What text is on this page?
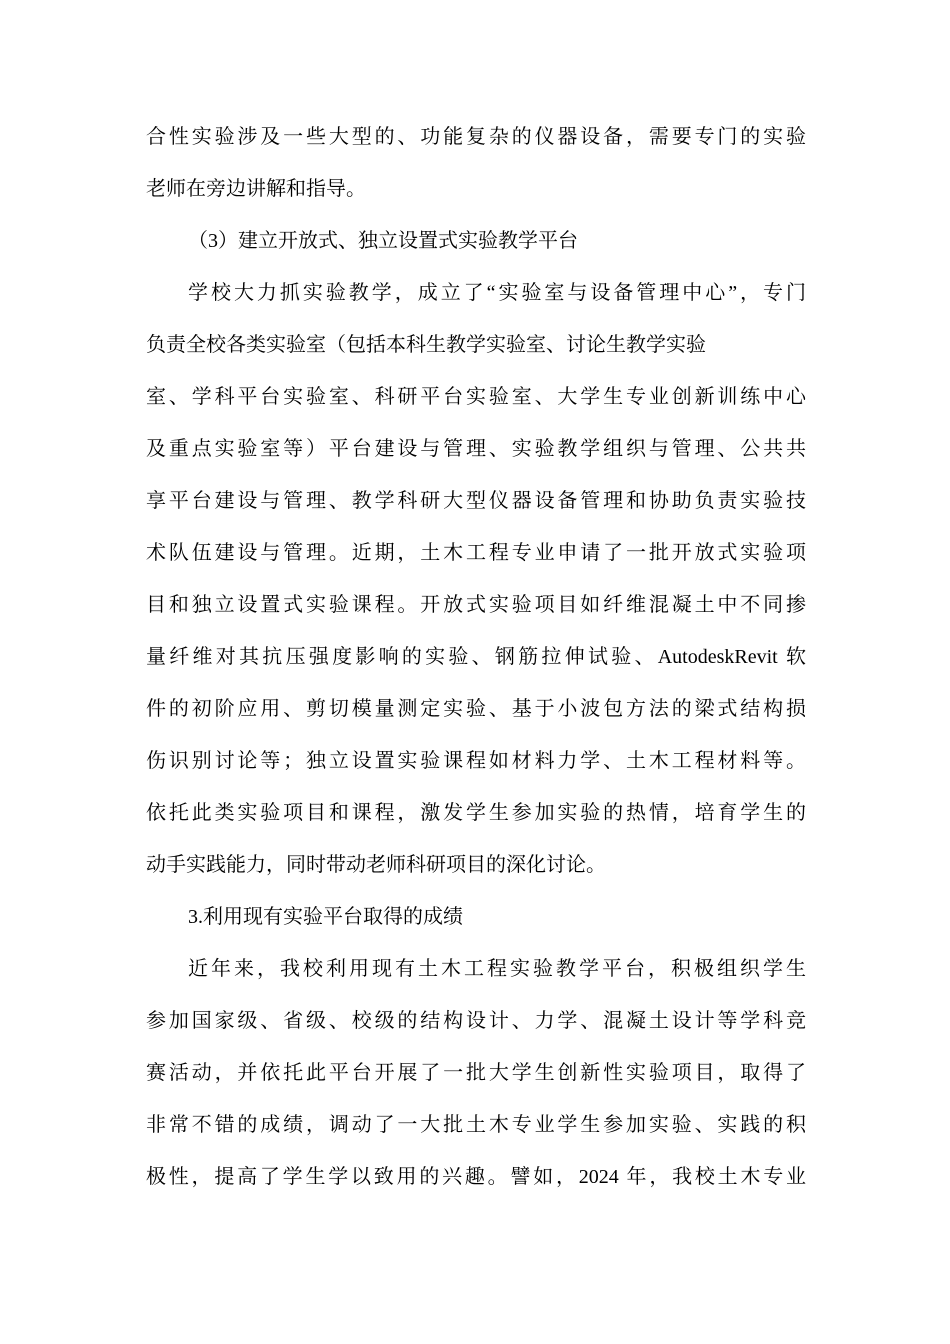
合性实验涉及一些大型的、功能复杂的仪器设备，需要专门的实验
老师在旁边讲解和指导。
（3）建立开放式、独立设置式实验教学平台
学校大力抓实验教学，成立了“实验室与设备管理中心”，专门
负责全校各类实验室（包括本科生教学实验室、讨论生教学实验
室、学科平台实验室、科研平台实验室、大学生专业创新训练中心
及重点实验室等）平台建设与管理、实验教学组织与管理、公共共
享平台建设与管理、教学科研大型仪器设备管理和协助负责实验技
术队伍建设与管理。近期，土木工程专业申请了一批开放式实验项
目和独立设置式实验课程。开放式实验项目如纤维混凝土中不同掺
量纤维对其抗压强度影响的实验、钢筋拉伸试验、AutodeskRevit 软
件的初阶应用、剪切模量测定实验、基于小波包方法的梁式结构损
伤识别讨论等；独立设置实验课程如材料力学、土木工程材料等。
依托此类实验项目和课程，激发学生参加实验的热情，培育学生的
动手实践能力，同时带动老师科研项目的深化讨论。
3.利用现有实验平台取得的成绩
近年来，我校利用现有土木工程实验教学平台，积极组织学生
参加国家级、省级、校级的结构设计、力学、混凝土设计等学科竞
赛活动，并依托此平台开展了一批大学生创新性实验项目，取得了
非常不错的成绩，调动了一大批土木专业学生参加实验、实践的积
极性，提高了学生学以致用的兴趣。譬如，2024 年，我校土木专业
